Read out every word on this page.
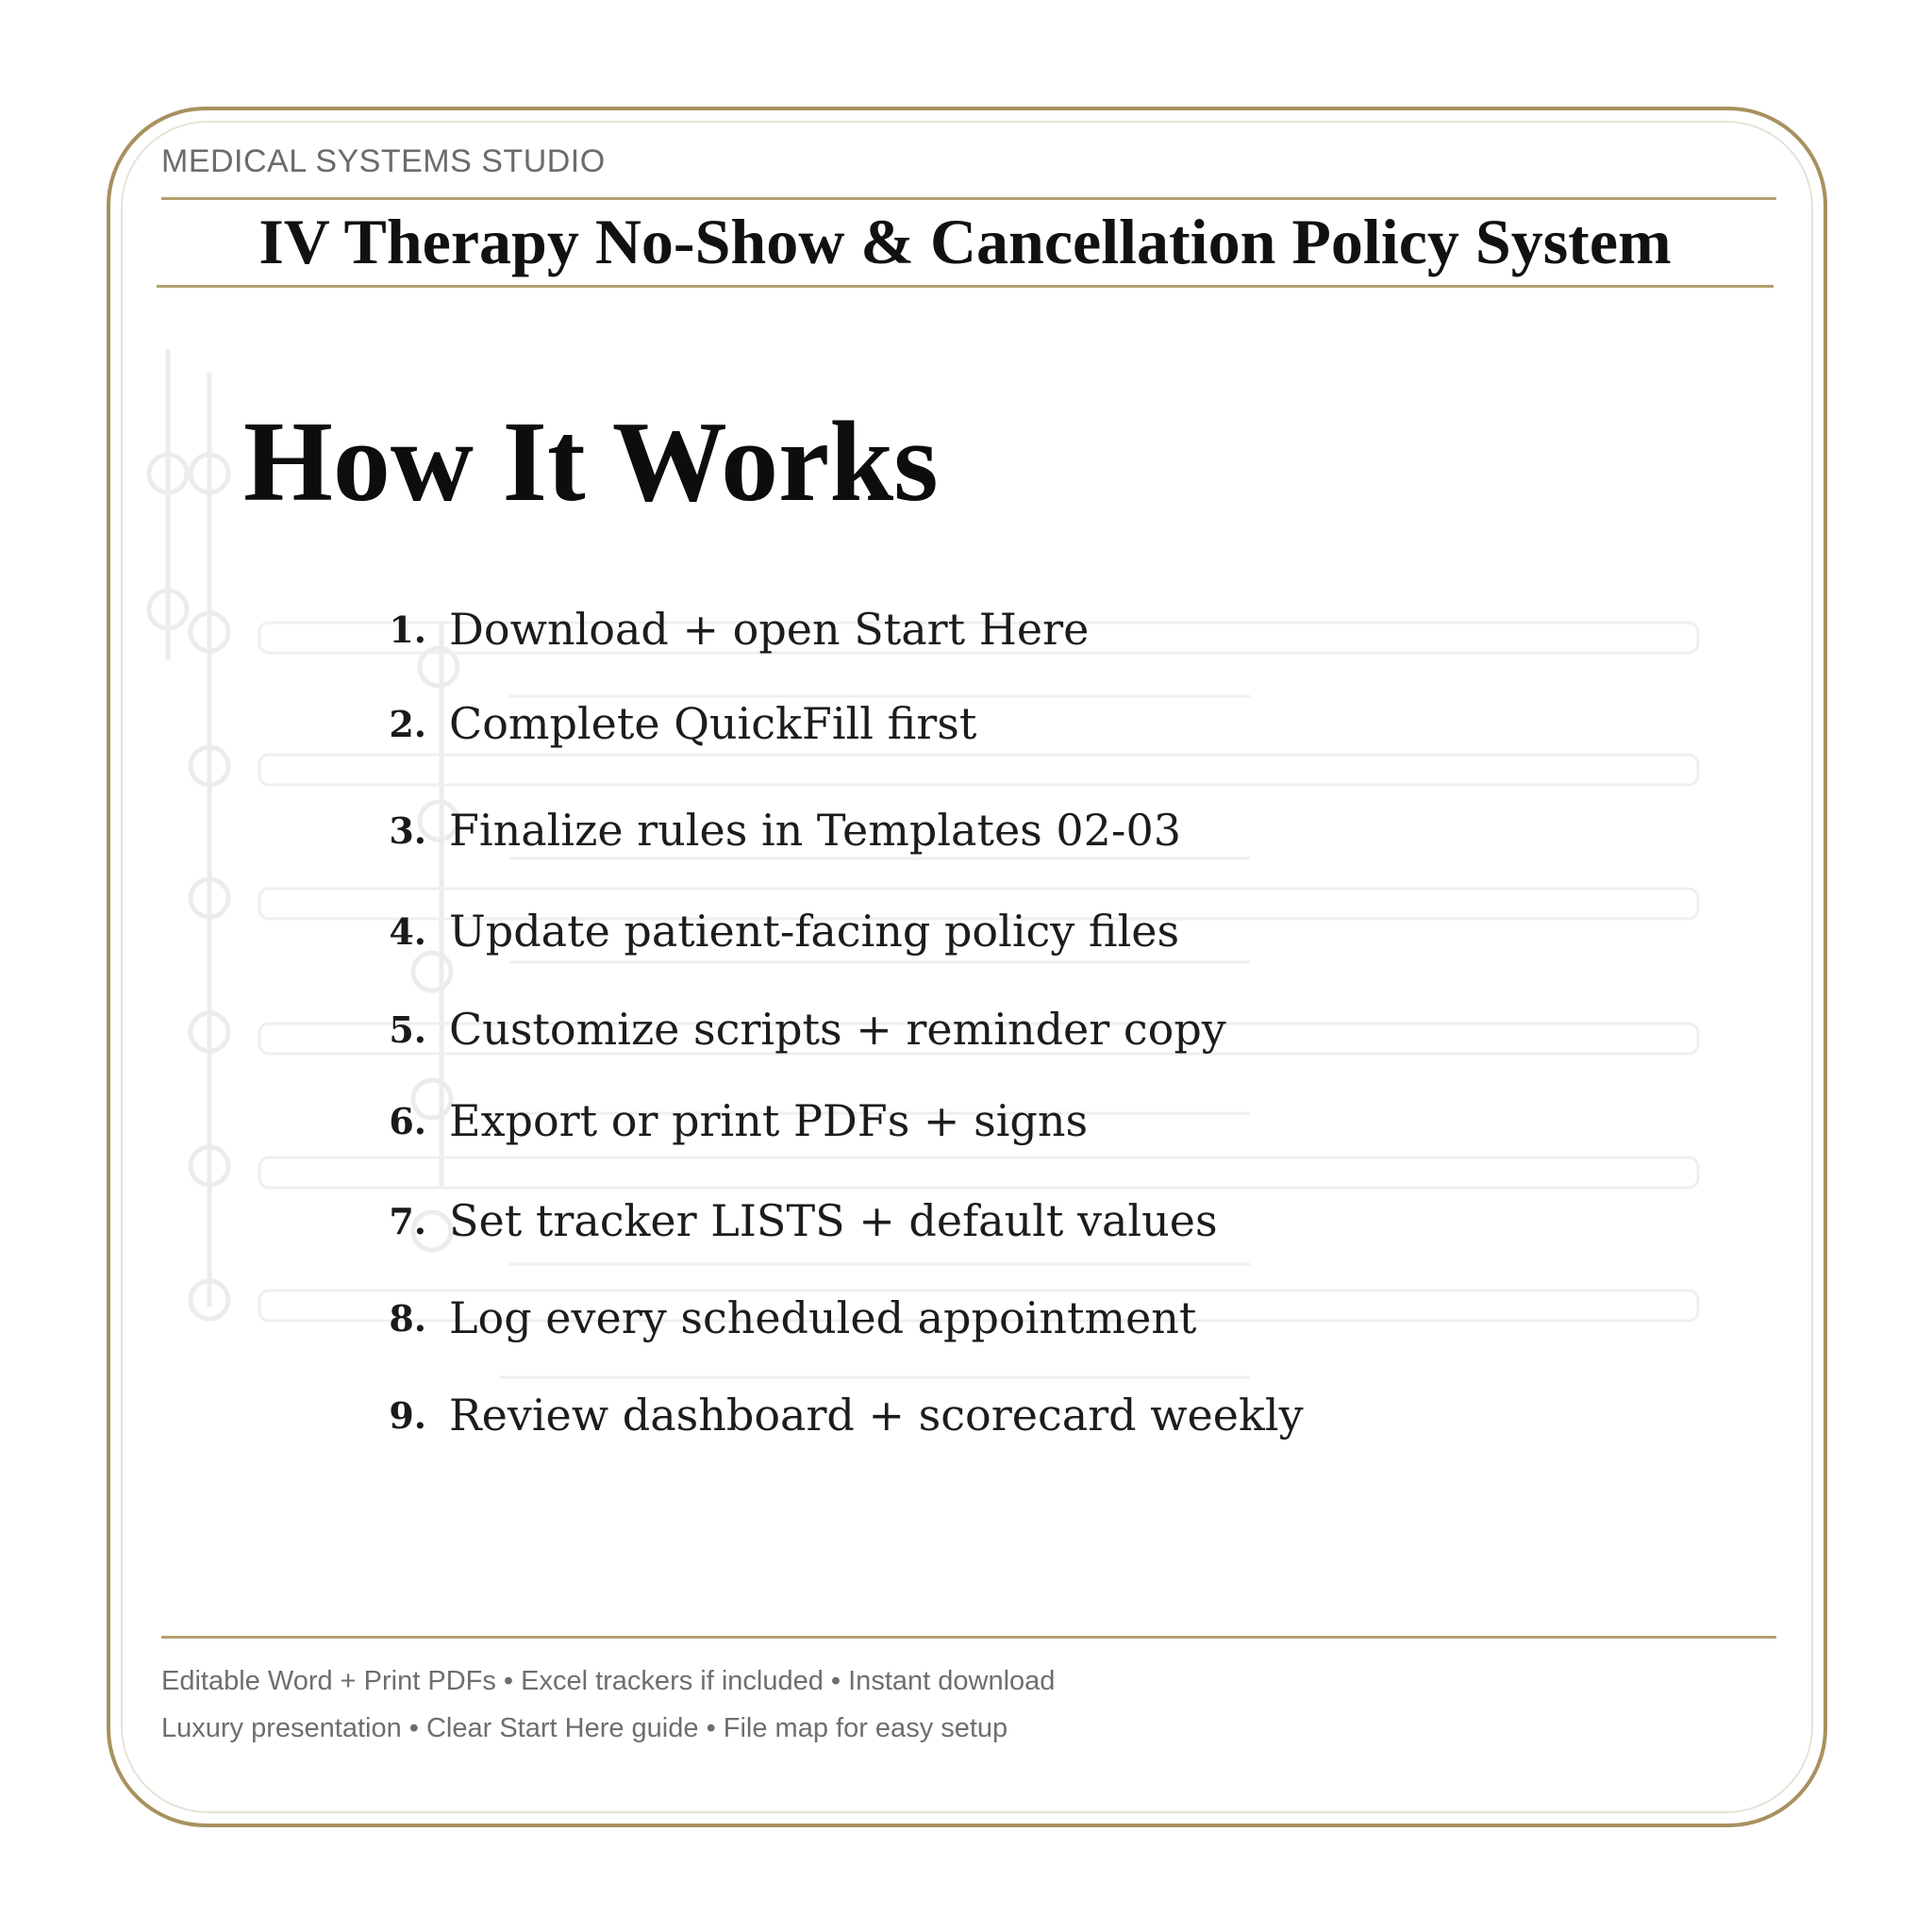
MEDICAL SYSTEMS STUDIO
IV Therapy No-Show & Cancellation Policy System
How It Works
1. Download + open Start Here
2. Complete QuickFill first
3. Finalize rules in Templates 02-03
4. Update patient-facing policy files
5. Customize scripts + reminder copy
6. Export or print PDFs + signs
7. Set tracker LISTS + default values
8. Log every scheduled appointment
9. Review dashboard + scorecard weekly
Editable Word + Print PDFs • Excel trackers if included • Instant download
Luxury presentation • Clear Start Here guide • File map for easy setup
